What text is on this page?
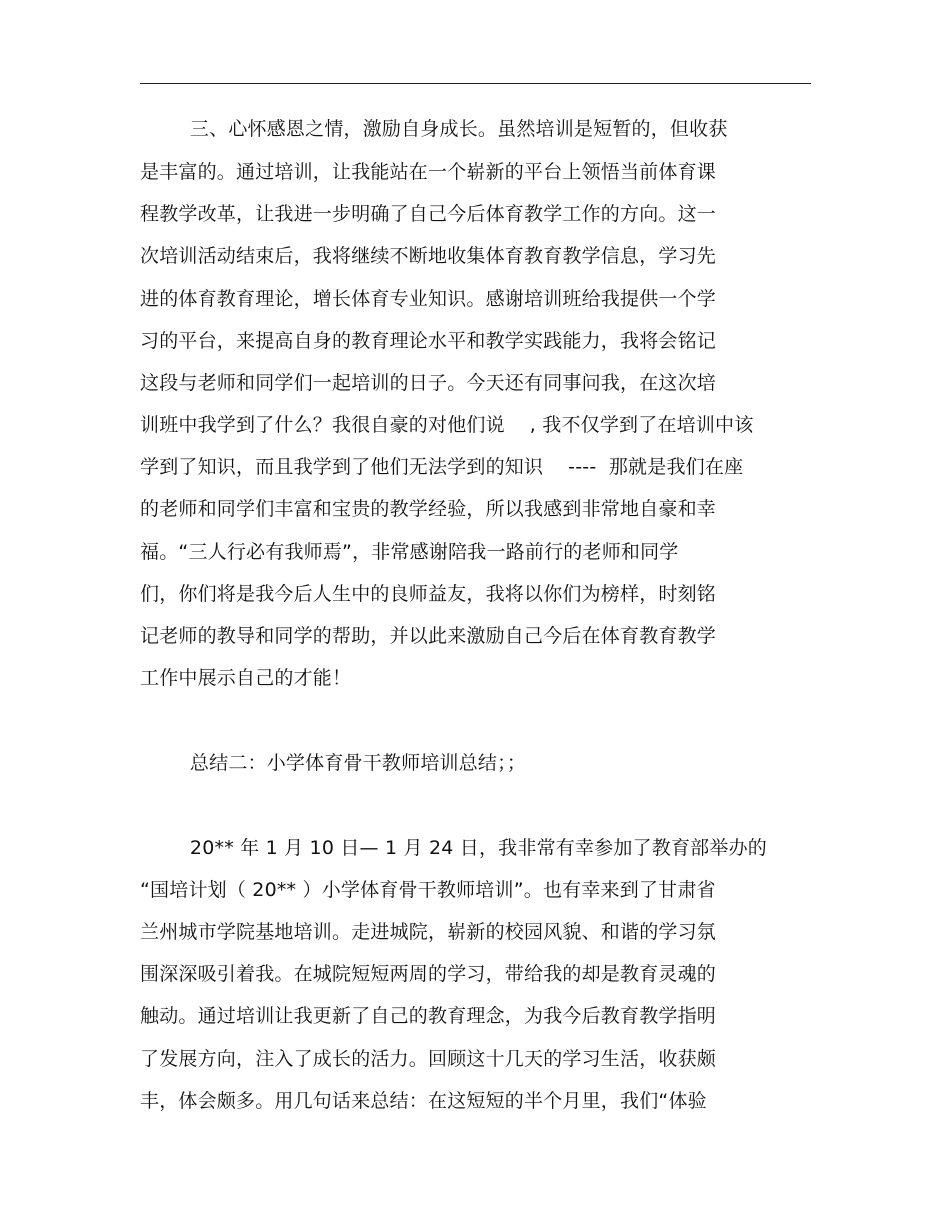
三、心怀感恩之情，激励自身成长。虽然培训是短暂的，但收获
是丰富的。通过培训，让我能站在一个崭新的平台上领悟当前体育课
程教学改革，让我进一步明确了自己今后体育教学工作的方向。这一
次培训活动结束后，我将继续不断地收集体育教育教学信息，学习先
进的体育教育理论，增长体育专业知识。感谢培训班给我提供一个学
习的平台，来提高自身的教育理论水平和教学实践能力，我将会铭记
这段与老师和同学们一起培训的日子。今天还有同事问我，在这次培
训班中我学到了什么？我很自豪的对他们说    , 我不仅学到了在培训中该
学到了知识，而且我学到了他们无法学到的知识    ----  那就是我们在座
的老师和同学们丰富和宝贵的教学经验，所以我感到非常地自豪和幸
福。“三人行必有我师焉”，非常感谢陪我一路前行的老师和同学
们，你们将是我今后人生中的良师益友，我将以你们为榜样，时刻铭
记老师的教导和同学的帮助，并以此来激励自己今后在体育教育教学
工作中展示自己的才能！
总结二：小学体育骨干教师培训总结；；
20** 年 1 月 10 日— 1 月 24 日，我非常有幸参加了教育部举办的
“国培计划（ 20** ）小学体育骨干教师培训”。也有幸来到了甘肃省
兰州城市学院基地培训。走进城院，崭新的校园风貌、和谐的学习氛
围深深吸引着我。在城院短短两周的学习，带给我的却是教育灵魂的
触动。通过培训让我更新了自己的教育理念，为我今后教育教学指明
了发展方向，注入了成长的活力。回顾这十几天的学习生活，收获颇
丰，体会颇多。用几句话来总结：在这短短的半个月里，我们“体验
